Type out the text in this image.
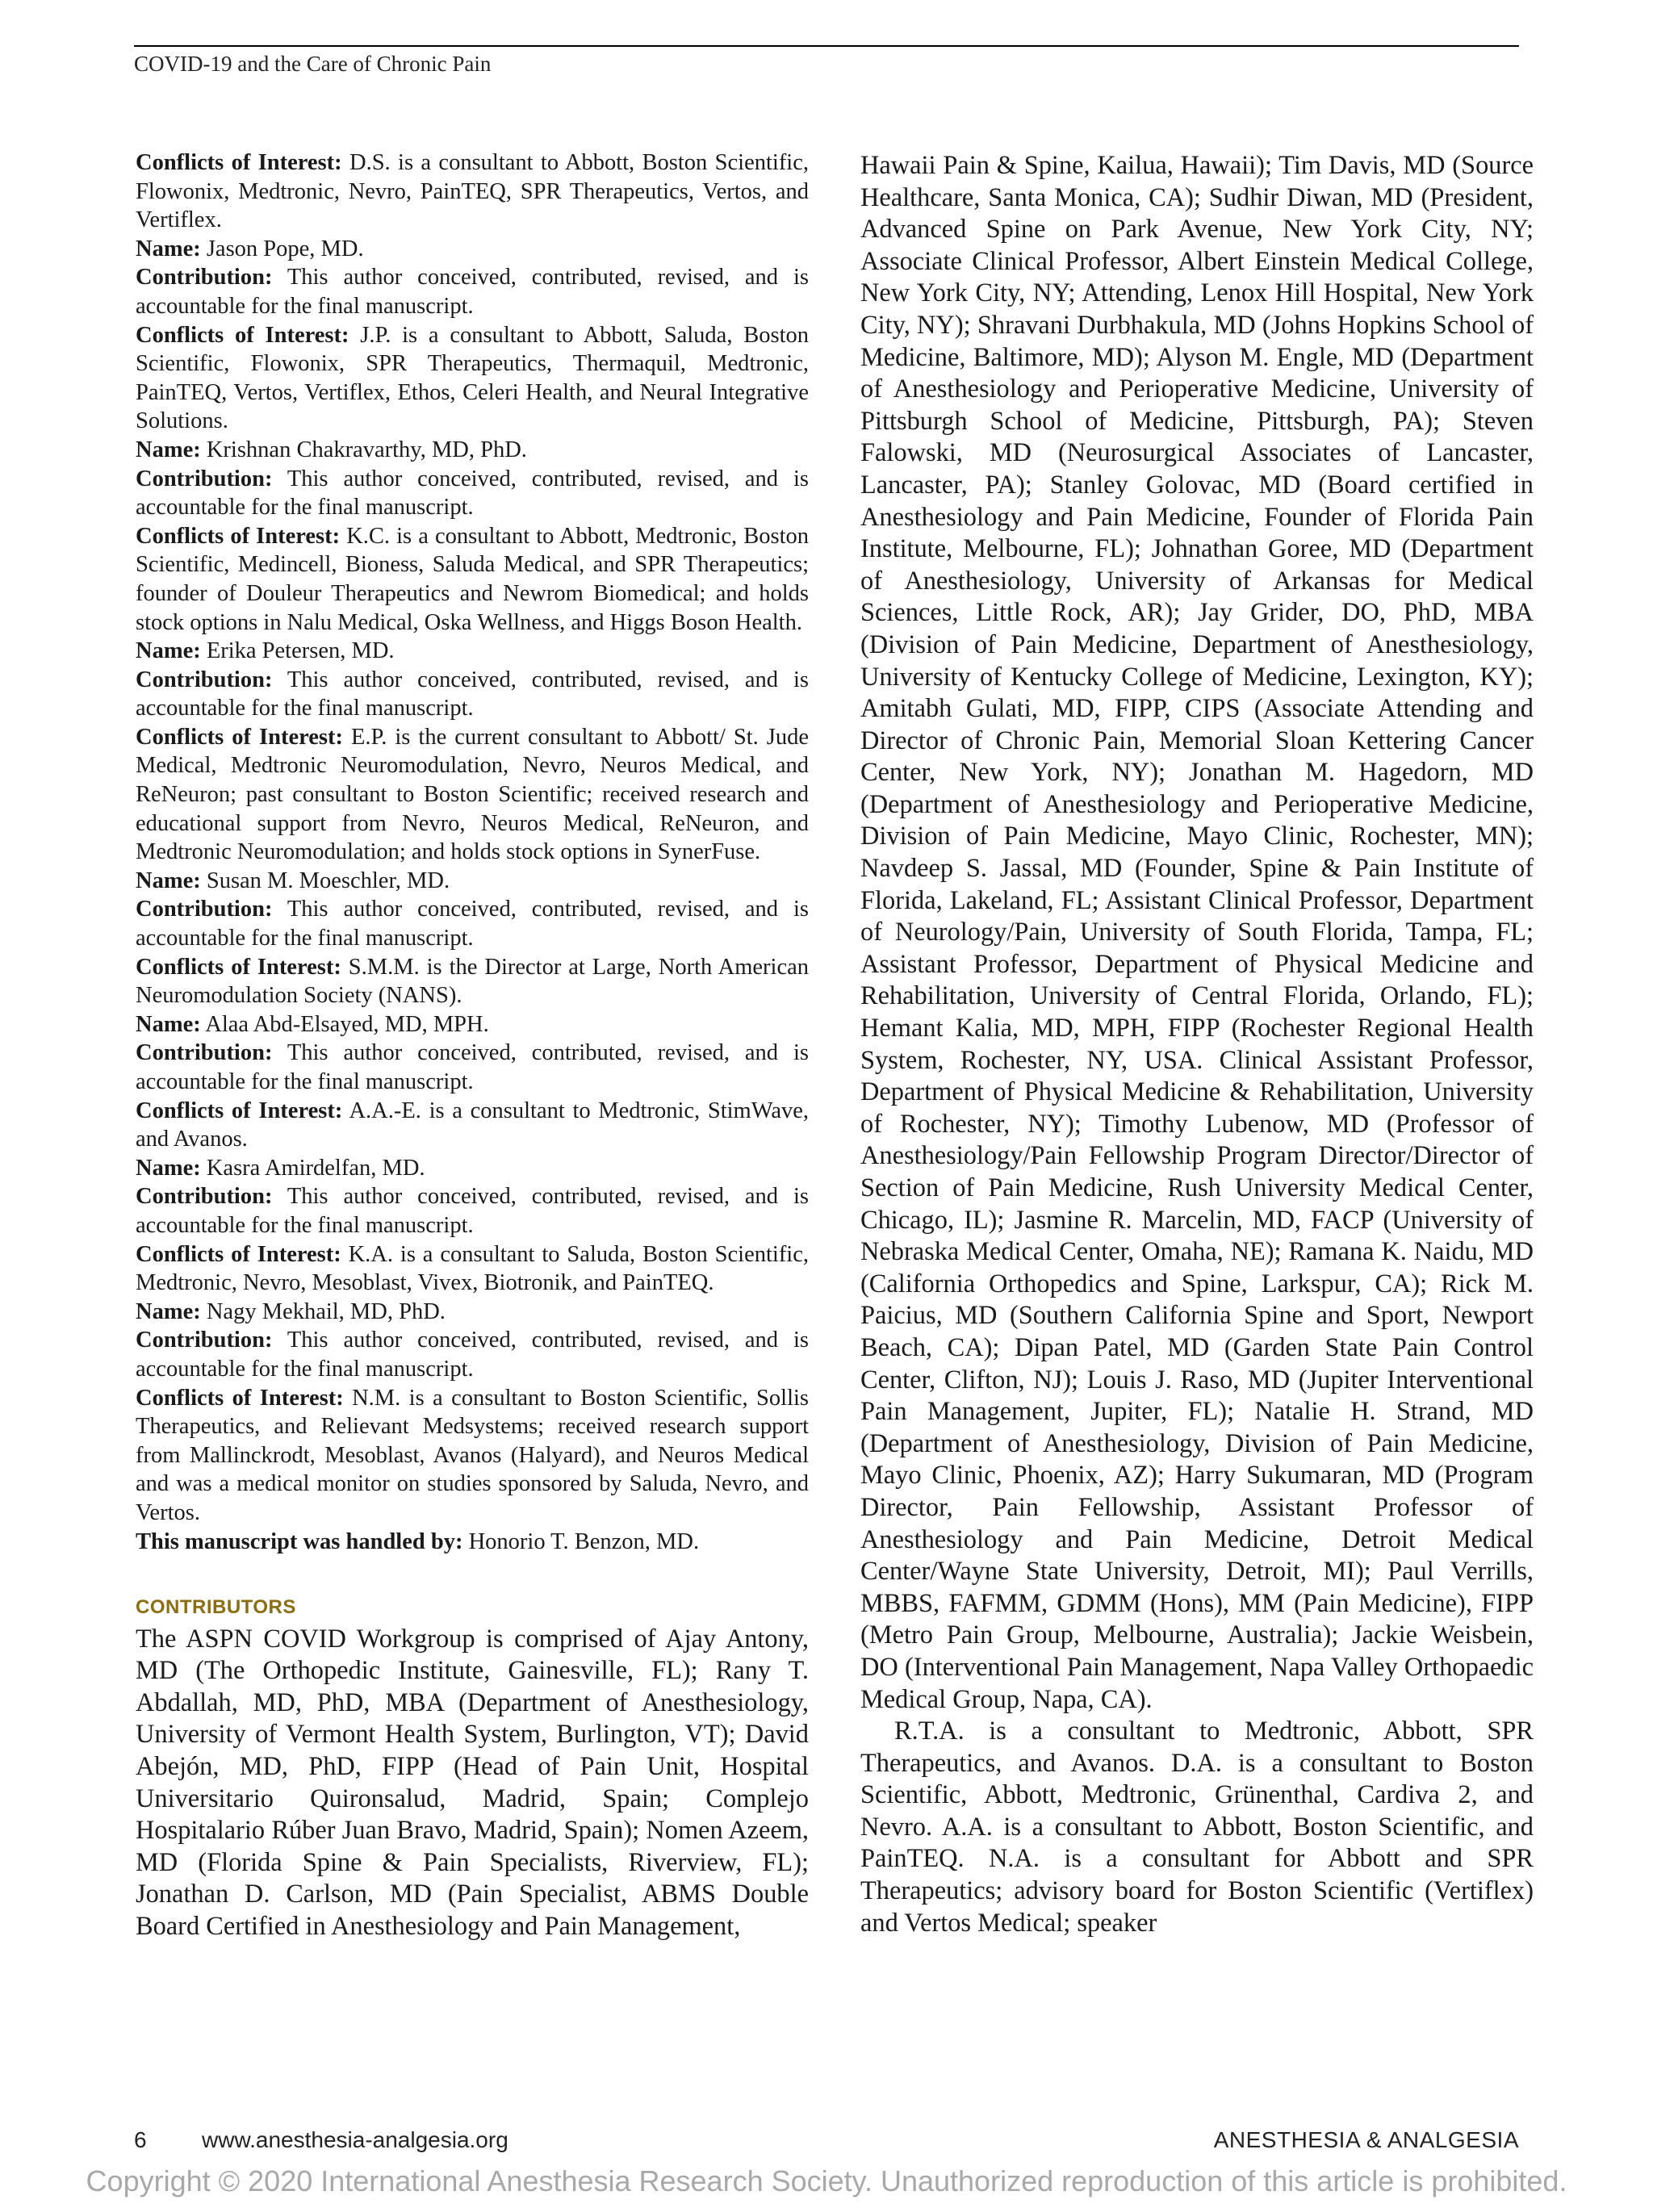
COVID-19 and the Care of Chronic Pain

Conflicts of Interest: D.S. is a consultant to Abbott, Boston Scientific, Flowonix, Medtronic, Nevro, PainTEQ, SPR Therapeutics, Vertos, and Vertiflex.

Name: Jason Pope, MD.

Contribution: This author conceived, contributed, revised, and is accountable for the final manuscript.

Conflicts of Interest: J.P. is a consultant to Abbott, Saluda, Boston Scientific, Flowonix, SPR Therapeutics, Thermaquil, Medtronic, PainTEQ, Vertos, Vertiflex, Ethos, Celeri Health, and Neural Integrative Solutions.

Name: Krishnan Chakravarthy, MD, PhD.

Contribution: This author conceived, contributed, revised, and is accountable for the final manuscript.

Conflicts of Interest: K.C. is a consultant to Abbott, Medtronic, Boston Scientific, Medincell, Bioness, Saluda Medical, and SPR Therapeutics; founder of Douleur Therapeutics and Newrom Biomedical; and holds stock options in Nalu Medical, Oska Wellness, and Higgs Boson Health.

Name: Erika Petersen, MD.

Contribution: This author conceived, contributed, revised, and is accountable for the final manuscript.

Conflicts of Interest: E.P. is the current consultant to Abbott/ St. Jude Medical, Medtronic Neuromodulation, Nevro, Neuros Medical, and ReNeuron; past consultant to Boston Scientific; received research and educational support from Nevro, Neuros Medical, ReNeuron, and Medtronic Neuromodulation; and holds stock options in SynerFuse.

Name: Susan M. Moeschler, MD.

Contribution: This author conceived, contributed, revised, and is accountable for the final manuscript.

Conflicts of Interest: S.M.M. is the Director at Large, North American Neuromodulation Society (NANS).

Name: Alaa Abd-Elsayed, MD, MPH.

Contribution: This author conceived, contributed, revised, and is accountable for the final manuscript.

Conflicts of Interest: A.A.-E. is a consultant to Medtronic, StimWave, and Avanos.

Name: Kasra Amirdelfan, MD.

Contribution: This author conceived, contributed, revised, and is accountable for the final manuscript.

Conflicts of Interest: K.A. is a consultant to Saluda, Boston Scientific, Medtronic, Nevro, Mesoblast, Vivex, Biotronik, and PainTEQ.

Name: Nagy Mekhail, MD, PhD.

Contribution: This author conceived, contributed, revised, and is accountable for the final manuscript.

Conflicts of Interest: N.M. is a consultant to Boston Scientific, Sollis Therapeutics, and Relievant Medsystems; received research support from Mallinckrodt, Mesoblast, Avanos (Halyard), and Neuros Medical and was a medical monitor on studies sponsored by Saluda, Nevro, and Vertos.

This manuscript was handled by: Honorio T. Benzon, MD.

CONTRIBUTORS

The ASPN COVID Workgroup is comprised of Ajay Antony, MD (The Orthopedic Institute, Gainesville, FL); Rany T. Abdallah, MD, PhD, MBA (Department of Anesthesiology, University of Vermont Health System, Burlington, VT); David Abejón, MD, PhD, FIPP (Head of Pain Unit, Hospital Universitario Quironsalud, Madrid, Spain; Complejo Hospitalario Rúber Juan Bravo, Madrid, Spain); Nomen Azeem, MD (Florida Spine & Pain Specialists, Riverview, FL); Jonathan D. Carlson, MD (Pain Specialist, ABMS Double Board Certified in Anesthesiology and Pain Management,

Hawaii Pain & Spine, Kailua, Hawaii); Tim Davis, MD (Source Healthcare, Santa Monica, CA); Sudhir Diwan, MD (President, Advanced Spine on Park Avenue, New York City, NY; Associate Clinical Professor, Albert Einstein Medical College, New York City, NY; Attending, Lenox Hill Hospital, New York City, NY); Shravani Durbhakula, MD (Johns Hopkins School of Medicine, Baltimore, MD); Alyson M. Engle, MD (Department of Anesthesiology and Perioperative Medicine, University of Pittsburgh School of Medicine, Pittsburgh, PA); Steven Falowski, MD (Neurosurgical Associates of Lancaster, Lancaster, PA); Stanley Golovac, MD (Board certified in Anesthesiology and Pain Medicine, Founder of Florida Pain Institute, Melbourne, FL); Johnathan Goree, MD (Department of Anesthesiology, University of Arkansas for Medical Sciences, Little Rock, AR); Jay Grider, DO, PhD, MBA (Division of Pain Medicine, Department of Anesthesiology, University of Kentucky College of Medicine, Lexington, KY); Amitabh Gulati, MD, FIPP, CIPS (Associate Attending and Director of Chronic Pain, Memorial Sloan Kettering Cancer Center, New York, NY); Jonathan M. Hagedorn, MD (Department of Anesthesiology and Perioperative Medicine, Division of Pain Medicine, Mayo Clinic, Rochester, MN); Navdeep S. Jassal, MD (Founder, Spine & Pain Institute of Florida, Lakeland, FL; Assistant Clinical Professor, Department of Neurology/Pain, University of South Florida, Tampa, FL; Assistant Professor, Department of Physical Medicine and Rehabilitation, University of Central Florida, Orlando, FL); Hemant Kalia, MD, MPH, FIPP (Rochester Regional Health System, Rochester, NY, USA. Clinical Assistant Professor, Department of Physical Medicine & Rehabilitation, University of Rochester, NY); Timothy Lubenow, MD (Professor of Anesthesiology/Pain Fellowship Program Director/Director of Section of Pain Medicine, Rush University Medical Center, Chicago, IL); Jasmine R. Marcelin, MD, FACP (University of Nebraska Medical Center, Omaha, NE); Ramana K. Naidu, MD (California Orthopedics and Spine, Larkspur, CA); Rick M. Paicius, MD (Southern California Spine and Sport, Newport Beach, CA); Dipan Patel, MD (Garden State Pain Control Center, Clifton, NJ); Louis J. Raso, MD (Jupiter Interventional Pain Management, Jupiter, FL); Natalie H. Strand, MD (Department of Anesthesiology, Division of Pain Medicine, Mayo Clinic, Phoenix, AZ); Harry Sukumaran, MD (Program Director, Pain Fellowship, Assistant Professor of Anesthesiology and Pain Medicine, Detroit Medical Center/Wayne State University, Detroit, MI); Paul Verrills, MBBS, FAFMM, GDMM (Hons), MM (Pain Medicine), FIPP (Metro Pain Group, Melbourne, Australia); Jackie Weisbein, DO (Interventional Pain Management, Napa Valley Orthopaedic Medical Group, Napa, CA).

R.T.A. is a consultant to Medtronic, Abbott, SPR Therapeutics, and Avanos. D.A. is a consultant to Boston Scientific, Abbott, Medtronic, Grünenthal, Cardiva 2, and Nevro. A.A. is a consultant to Abbott, Boston Scientific, and PainTEQ. N.A. is a consultant for Abbott and SPR Therapeutics; advisory board for Boston Scientific (Vertiflex) and Vertos Medical; speaker

6 www.anesthesia-analgesia.org	ANESTHESIA & ANALGESIA
Copyright © 2020 International Anesthesia Research Society. Unauthorized reproduction of this article is prohibited.
